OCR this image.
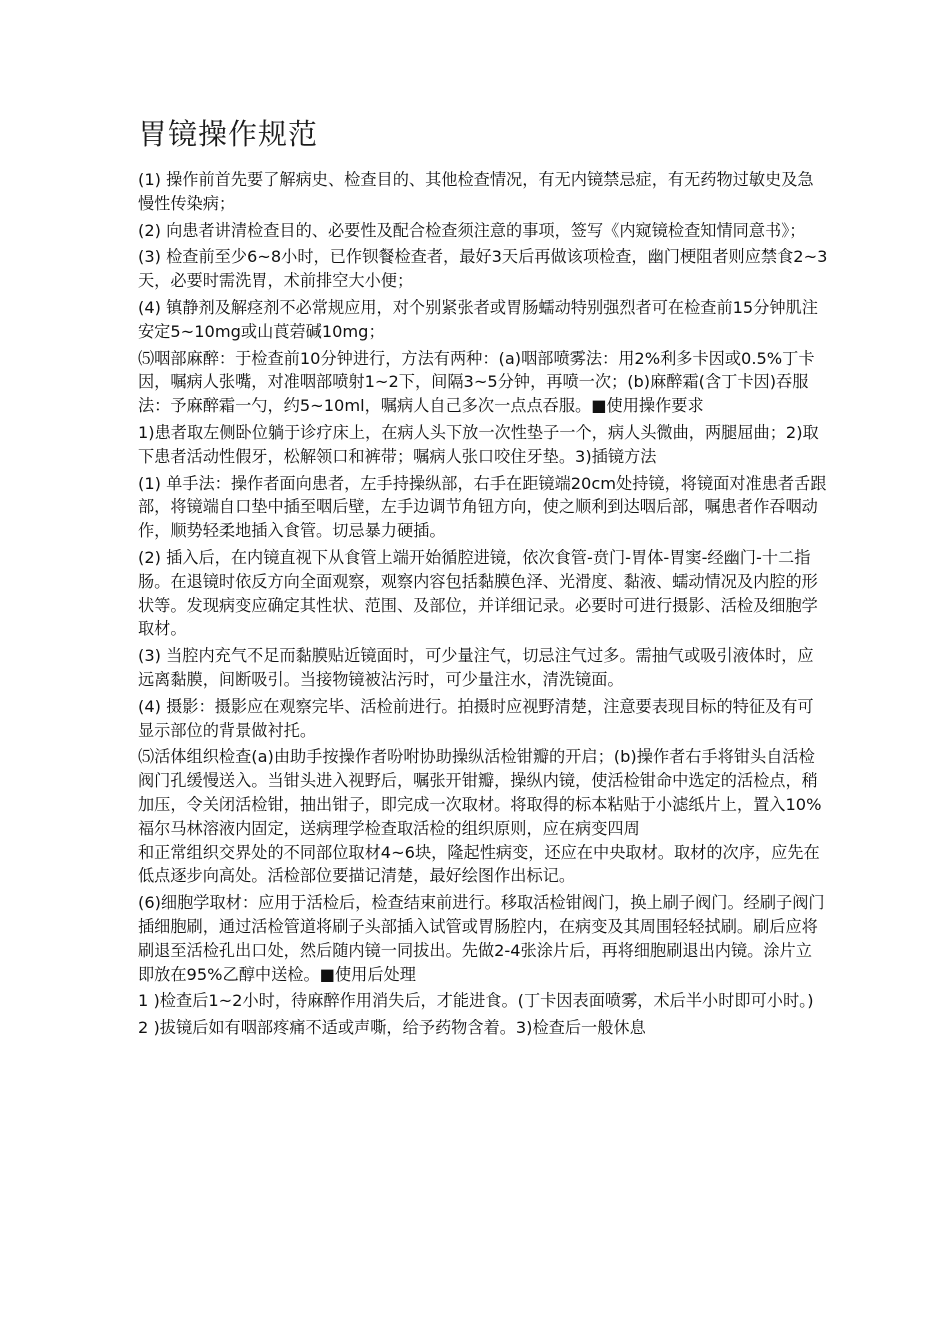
胃镜操作规范

(1) 操作前首先要了解病史、检查目的、其他检查情况，有无内镜禁忌症，有无药物过敏史及急慢性传染病；

(2) 向患者讲清检查目的、必要性及配合检查须注意的事项，签写《内窥镜检查知情同意书》；

(3) 检查前至少6~8小时，已作钡餐检查者，最好3天后再做该项检查，幽门梗阻者则应禁食2~3天，必要时需洗胃，术前排空大小便；

(4) 镇静剂及解痉剂不必常规应用，对个别紧张者或胃肠蠕动特别强烈者可在检查前15分钟肌注安定5~10mg或山莨菪碱10mg；

⑸咽部麻醉：于检查前10分钟进行，方法有两种：(a)咽部喷雾法：用2%利多卡因或0.5%丁卡因，嘱病人张嘴，对准咽部喷射1~2下，间隔3~5分钟，再喷一次；(b)麻醉霜(含丁卡因)吞服法：予麻醉霜一勺，约5~10ml，嘱病人自己多次一点点吞服。■使用操作要求

1)患者取左侧卧位躺于诊疗床上，在病人头下放一次性垫子一个，病人头微曲，两腿屈曲；2)取下患者活动性假牙，松解领口和裤带；嘱病人张口咬住牙垫。3)插镜方法

(1) 单手法：操作者面向患者，左手持操纵部，右手在距镜端20cm处持镜，将镜面对准患者舌跟部，将镜端自口垫中插至咽后壁，左手边调节角钮方向，使之顺利到达咽后部，嘱患者作吞咽动作，顺势轻柔地插入食管。切忌暴力硬插。

(2) 插入后，在内镜直视下从食管上端开始循腔进镜，依次食管-贲门-胃体-胃窦-经幽门-十二指肠。在退镜时依反方向全面观察，观察内容包括黏膜色泽、光滑度、黏液、蠕动情况及内腔的形状等。发现病变应确定其性状、范围、及部位，并详细记录。必要时可进行摄影、活检及细胞学取材。

(3) 当腔内充气不足而黏膜贴近镜面时，可少量注气，切忌注气过多。需抽气或吸引液体时，应远离黏膜，间断吸引。当接物镜被沾污时，可少量注水，清洗镜面。

(4) 摄影：摄影应在观察完毕、活检前进行。拍摄时应视野清楚，注意要表现目标的特征及有可显示部位的背景做衬托。

⑸活体组织检查(a)由助手按操作者吩咐协助操纵活检钳瓣的开启；(b)操作者右手将钳头自活检阀门孔缓慢送入。当钳头进入视野后，嘱张开钳瓣，操纵内镜，使活检钳命中选定的活检点，稍加压，令关闭活检钳，抽出钳子，即完成一次取材。将取得的标本粘贴于小滤纸片上，置入10%福尔马林溶液内固定，送病理学检查取活检的组织原则，应在病变四周

和正常组织交界处的不同部位取材4~6块，隆起性病变，还应在中央取材。取材的次序，应先在低点逐步向高处。活检部位要描记清楚，最好绘图作出标记。

(6)细胞学取材：应用于活检后，检查结束前进行。移取活检钳阀门，换上刷子阀门。经刷子阀门插细胞刷，通过活检管道将刷子头部插入试管或胃肠腔内，在病变及其周围轻轻拭刷。刷后应将刷退至活检孔出口处，然后随内镜一同拔出。先做2-4张涂片后，再将细胞刷退出内镜。涂片立即放在95%乙醇中送检。■使用后处理

1 )检查后1~2小时，待麻醉作用消失后，才能进食。(丁卡因表面喷雾，术后半小时即可小时。)

2 )拔镜后如有咽部疼痛不适或声嘶，给予药物含着。3)检查后一般休息
